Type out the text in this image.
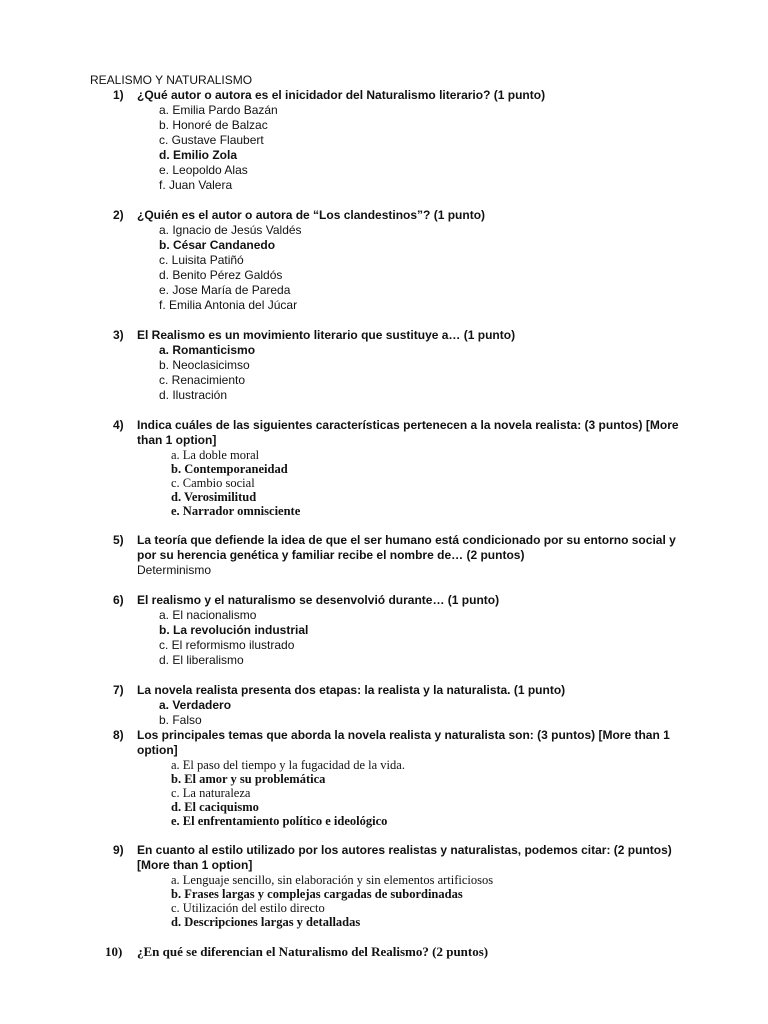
REALISMO Y NATURALISMO
1) ¿Qué autor o autora es el inicidador del Naturalismo literario? (1 punto)
a. Emilia Pardo Bazán
b. Honoré de Balzac
c. Gustave Flaubert
d. Emilio Zola
e. Leopoldo Alas
f. Juan Valera
2) ¿Quién es el autor o autora de “Los clandestinos”? (1 punto)
a. Ignacio de Jesús Valdés
b. César Candanedo
c. Luisita Patiñó
d. Benito Pérez Galdós
e. Jose María de Pareda
f. Emilia Antonia del Júcar
3) El Realismo es un movimiento literario que sustituye a… (1 punto)
a. Romanticismo
b. Neoclasicimso
c. Renacimiento
d. Ilustración
4) Indica cuáles de las siguientes características pertenecen a la novela realista: (3 puntos) [More than 1 option]
a. La doble moral
b. Contemporaneidad
c. Cambio social
d. Verosimilitud
e. Narrador omnisciente
5) La teoría que defiende la idea de que el ser humano está condicionado por su entorno social y por su herencia genética y familiar recibe el nombre de… (2 puntos)
Determinismo
6) El realismo y el naturalismo se desenvolvió durante… (1 punto)
a. El nacionalismo
b. La revolución industrial
c. El reformismo ilustrado
d. El liberalismo
7) La novela realista presenta dos etapas: la realista y la naturalista. (1 punto)
a. Verdadero
b. Falso
8) Los principales temas que aborda la novela realista y naturalista son: (3 puntos) [More than 1 option]
a. El paso del tiempo y la fugacidad de la vida.
b. El amor y su problemática
c. La naturaleza
d. El caciquismo
e. El enfrentamiento político e ideológico
9) En cuanto al estilo utilizado por los autores realistas y naturalistas, podemos citar: (2 puntos) [More than 1 option]
a. Lenguaje sencillo, sin elaboración y sin elementos artificiosos
b. Frases largas y complejas cargadas de subordinadas
c. Utilización del estilo directo
d. Descripciones largas y detalladas
10) ¿En qué se diferencian el Naturalismo del Realismo? (2 puntos)
